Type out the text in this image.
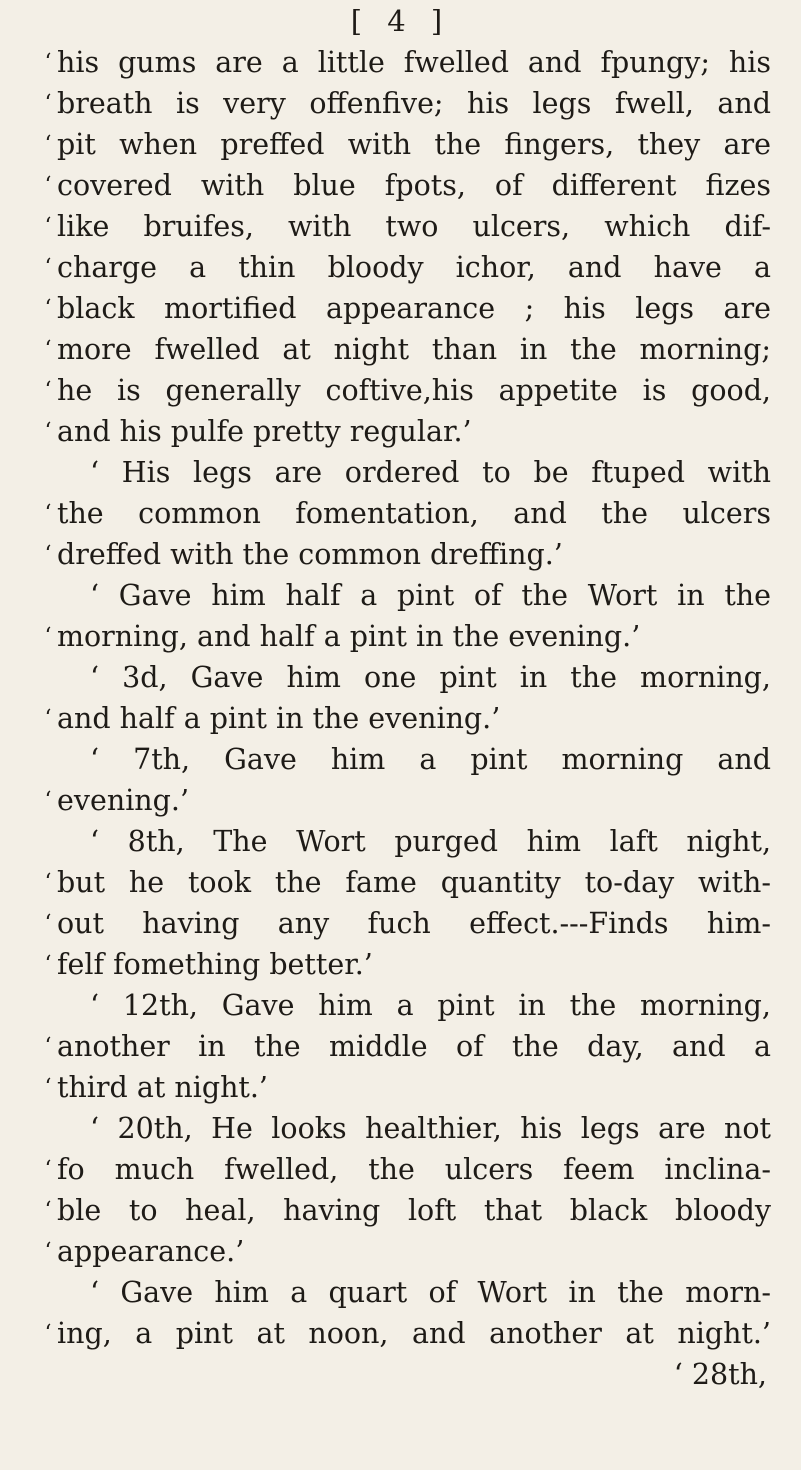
[ 4 ]
‘ his gums are a little fwelled and fpungy; his
‘ breath is very offenfive; his legs fwell, and
‘ pit when preffed with the fingers, they are
‘ covered with blue fpots, of different fizes
‘ like bruifes, with two ulcers, which dif-
‘ charge a thin bloody ichor, and have a
‘ black mortified appearance ; his legs are
‘ more fwelled at night than in the morning;
‘ he is generally coftive,his appetite is good,
‘ and his pulfe pretty regular.’
‘ His legs are ordered to be ftuped with
‘ the common fomentation, and the ulcers
‘ dreffed with the common dreffing.’
‘ Gave him half a pint of the Wort in the
‘ morning, and half a pint in the evening.’
‘ 3d, Gave him one pint in the morning,
‘ and half a pint in the evening.’
‘ 7th, Gave him a pint morning and
‘ evening.’
‘ 8th, The Wort purged him laft night,
‘ but he took the fame quantity to-day with-
‘ out having any fuch effect.---Finds him-
‘ felf fomething better.’
‘ 12th, Gave him a pint in the morning,
‘ another in the middle of the day, and a
‘ third at night.’
‘ 20th, He looks healthier, his legs are not
‘ fo much fwelled, the ulcers feem inclina-
‘ ble to heal, having loft that black bloody
‘ appearance.’
‘ Gave him a quart of Wort in the morn-
‘ ing, a pint at noon, and another at night.’
‘ 28th,
